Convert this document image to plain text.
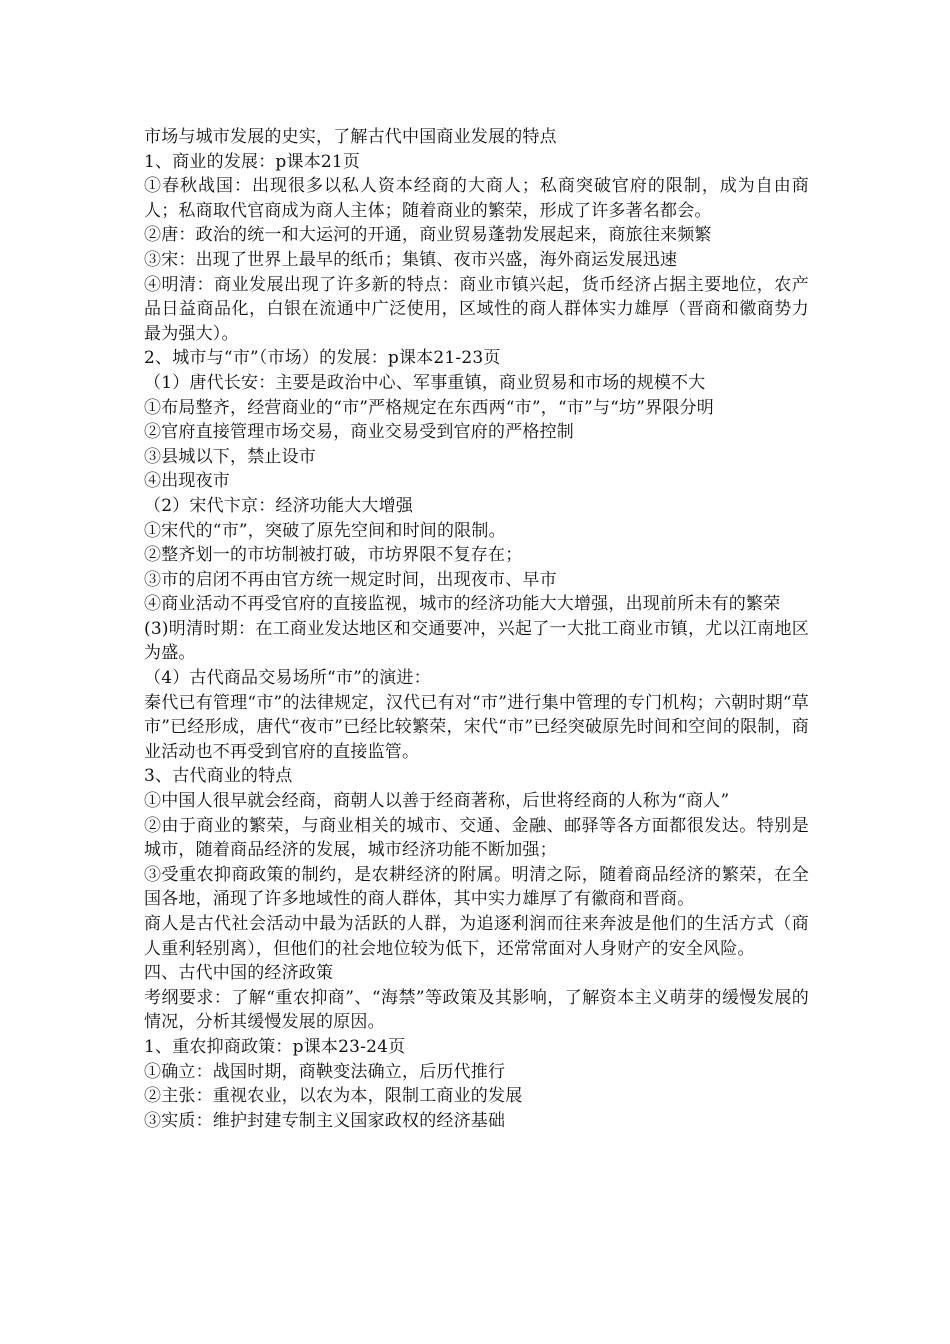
市场与城市发展的史实，了解古代中国商业发展的特点

1、商业的发展：p课本21页

①春秋战国：出现很多以私人资本经商的大商人；私商突破官府的限制，成为自由商人；私商取代官商成为商人主体；随着商业的繁荣，形成了许多著名都会。

②唐：政治的统一和大运河的开通，商业贸易蓬勃发展起来，商旅往来频繁

③宋：出现了世界上最早的纸币；集镇、夜市兴盛，海外商运发展迅速

④明清：商业发展出现了许多新的特点：商业市镇兴起，货币经济占据主要地位，农产品日益商品化，白银在流通中广泛使用，区域性的商人群体实力雄厚（晋商和徽商势力最为强大）。

2、城市与“市”（市场）的发展：p课本21-23页

（1）唐代长安：主要是政治中心、军事重镇，商业贸易和市场的规模不大

①布局整齐，经营商业的“市”严格规定在东西两“市”，“市”与“坊”界限分明

②官府直接管理市场交易，商业交易受到官府的严格控制

③县城以下，禁止设市

④出现夜市

（2）宋代卞京：经济功能大大增强

①宋代的“市”，突破了原先空间和时间的限制。

②整齐划一的市坊制被打破，市坊界限不复存在；

③市的启闭不再由官方统一规定时间，出现夜市、早市

④商业活动不再受官府的直接监视，城市的经济功能大大增强，出现前所未有的繁荣

(3)明清时期：在工商业发达地区和交通要冲，兴起了一大批工商业市镇，尤以江南地区为盛。

（4）古代商品交易场所“市”的演进：

秦代已有管理“市”的法律规定，汉代已有对“市”进行集中管理的专门机构；六朝时期“草市”已经形成，唐代“夜市”已经比较繁荣，宋代“市”已经突破原先时间和空间的限制，商业活动也不再受到官府的直接监管。

3、古代商业的特点

①中国人很早就会经商，商朝人以善于经商著称，后世将经商的人称为“商人”

②由于商业的繁荣，与商业相关的城市、交通、金融、邮驿等各方面都很发达。特别是城市，随着商品经济的发展，城市经济功能不断加强；

③受重农抑商政策的制约，是农耕经济的附属。明清之际，随着商品经济的繁荣，在全国各地，涌现了许多地域性的商人群体，其中实力雄厚了有徽商和晋商。

商人是古代社会活动中最为活跃的人群，为追逐利润而往来奔波是他们的生活方式（商人重利轻别离），但他们的社会地位较为低下，还常常面对人身财产的安全风险。

四、古代中国的经济政策

考纲要求：了解“重农抑商”、“海禁”等政策及其影响，了解资本主义萌芽的缓慢发展的情况，分析其缓慢发展的原因。

1、重农抑商政策：p课本23-24页

①确立：战国时期，商鞅变法确立，后历代推行

②主张：重视农业，以农为本，限制工商业的发展

③实质：维护封建专制主义国家政权的经济基础
